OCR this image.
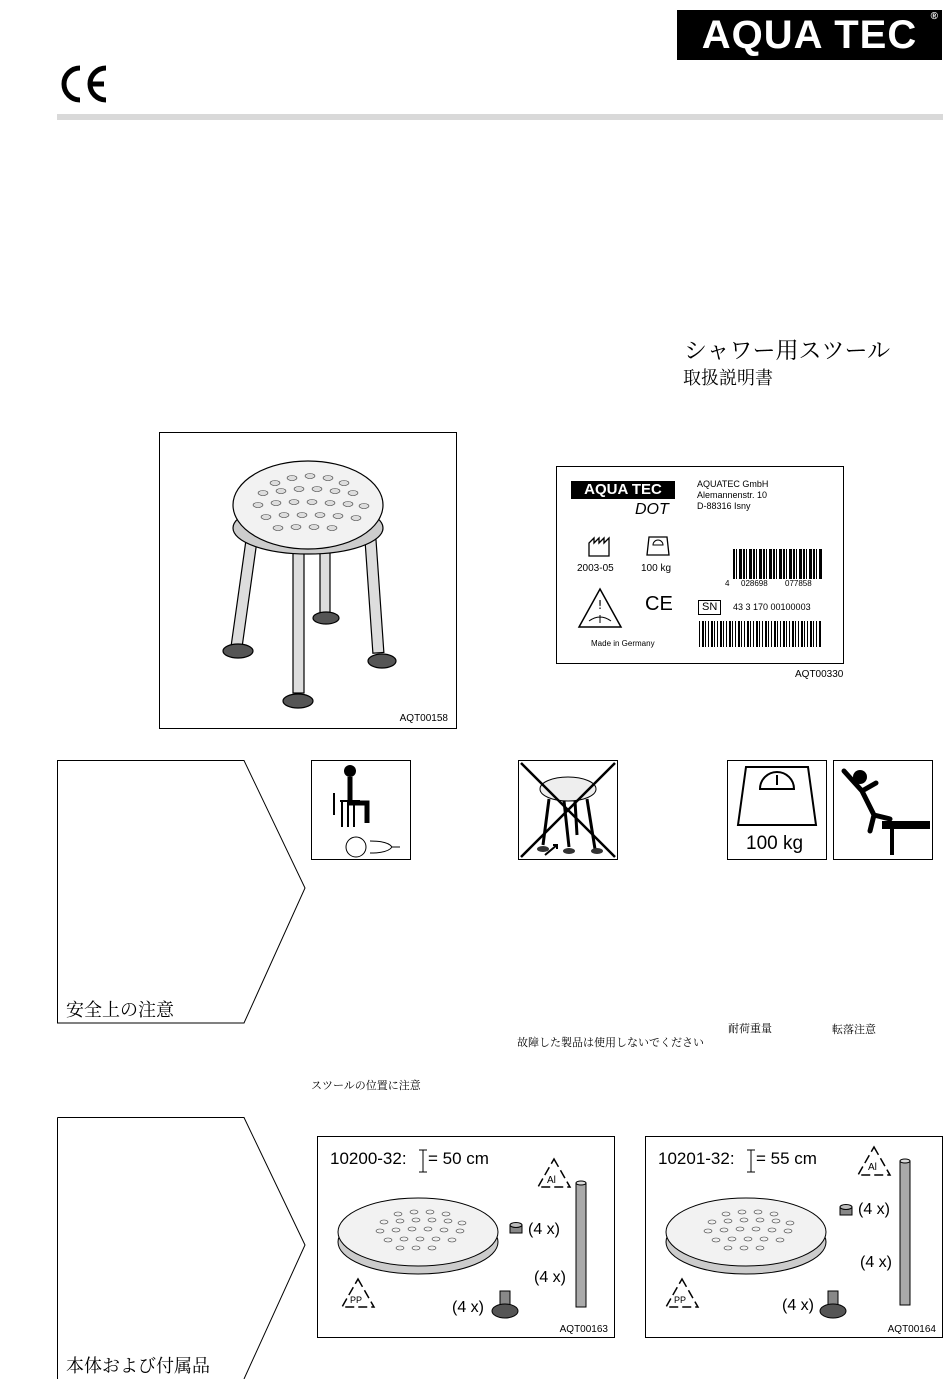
AQUA TEC ®
シャワー用スツール
取扱説明書
AQT00158
AQUA TEC
DOT
AQUATEC GmbH
Alemannenstr. 10
D-88316 Isny
2003-05	100 kg
! CE
Made in Germany
4 028698 077858
SN	43 3 170 00100003
AQT00330
安全上の注意
100 kg
耐荷重量	転落注意
故障した製品は使用しないでください
スツールの位置に注意
本体および付属品
10200-32: = 50 cm
Al
PP
(4 x)
(4 x)
(4 x)
AQT00163
10201-32: = 55 cm	Al
PP
(4 x)
(4 x)
(4 x)
AQT00164
